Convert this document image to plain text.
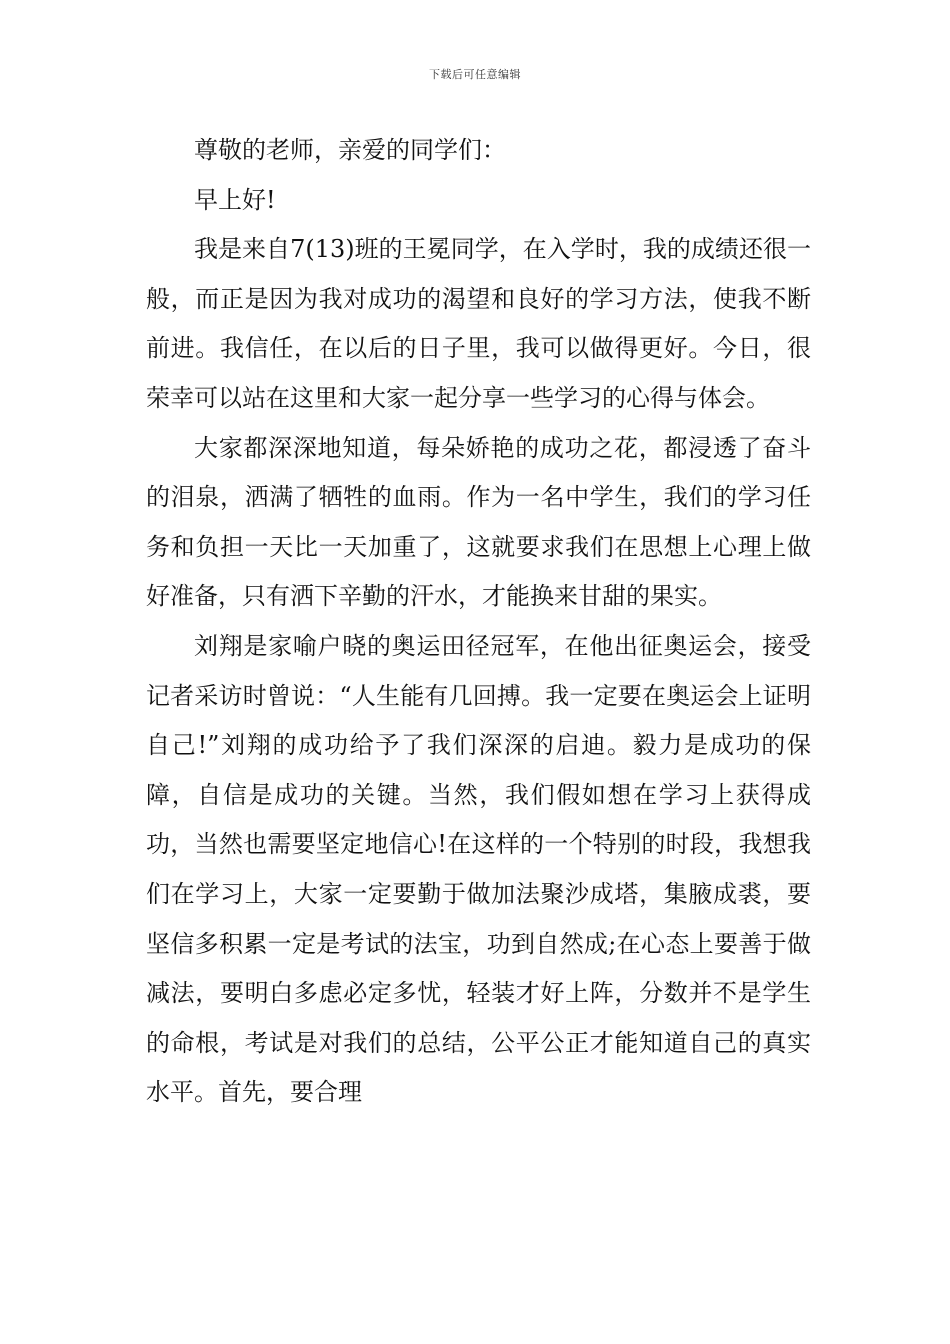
下载后可任意编辑

尊敬的老师，亲爱的同学们：

早上好!

我是来自7(13)班的王冕同学，在入学时，我的成绩还很一般，而正是因为我对成功的渴望和良好的学习方法，使我不断前进。我信任，在以后的日子里，我可以做得更好。今日，很荣幸可以站在这里和大家一起分享一些学习的心得与体会。

大家都深深地知道，每朵娇艳的成功之花，都浸透了奋斗的泪泉，洒满了牺牲的血雨。作为一名中学生，我们的学习任务和负担一天比一天加重了，这就要求我们在思想上心理上做好准备，只有洒下辛勤的汗水，才能换来甘甜的果实。

刘翔是家喻户晓的奥运田径冠军，在他出征奥运会，接受记者采访时曾说：“人生能有几回搏。我一定要在奥运会上证明自己!”刘翔的成功给予了我们深深的启迪。毅力是成功的保障，自信是成功的关键。当然，我们假如想在学习上获得成功，当然也需要坚定地信心!在这样的一个特别的时段，我想我们在学习上，大家一定要勤于做加法聚沙成塔，集腋成裘，要坚信多积累一定是考试的法宝，功到自然成;在心态上要善于做减法，要明白多虑必定多忧，轻装才好上阵，分数并不是学生的命根，考试是对我们的总结，公平公正才能知道自己的真实水平。首先，要合理
